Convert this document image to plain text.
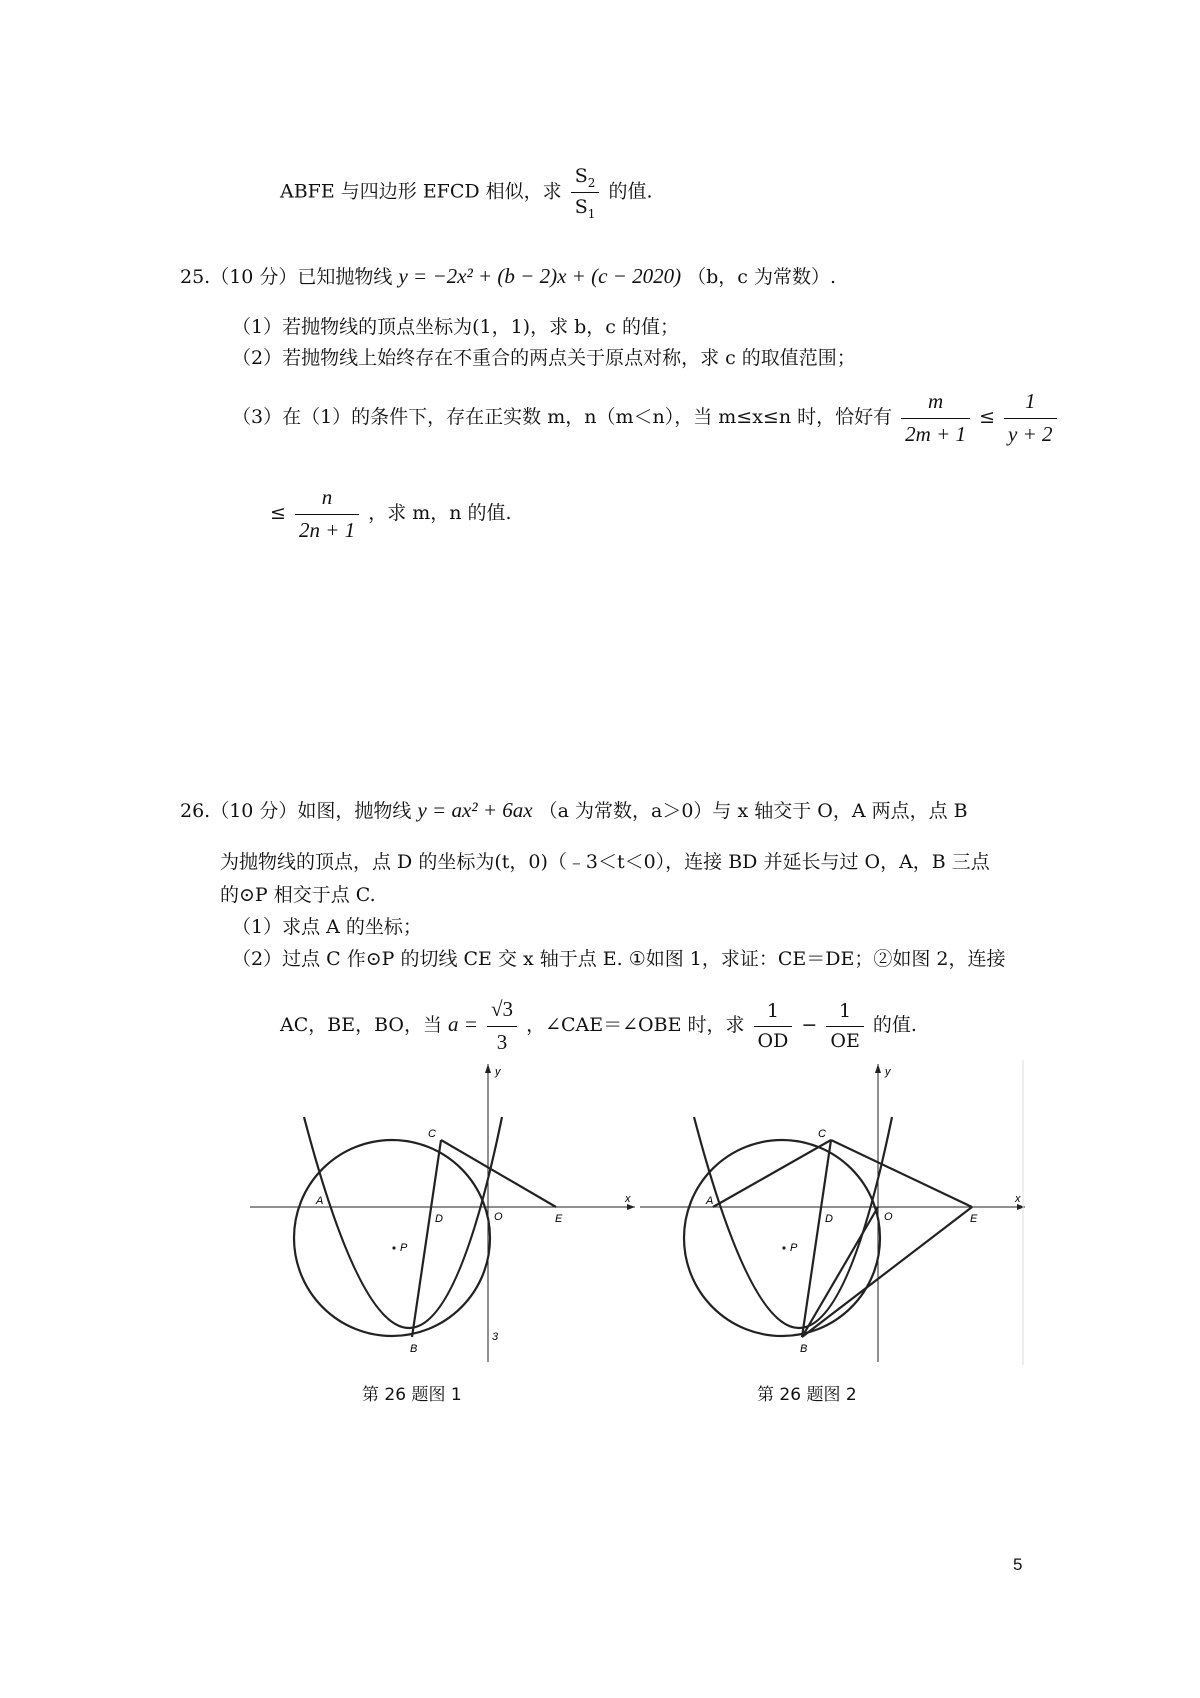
ABFE 与四边形 EFCD 相似，求 $\frac{S_2}{S_1}$ 的值.
25.（10 分）已知抛物线 y = −2x² + (b − 2)x + (c − 2020) （b，c 为常数）.
（1）若抛物线的顶点坐标为(1，1)，求 b，c 的值；
（2）若抛物线上始终存在不重合的两点关于原点对称，求 c 的取值范围；
（3）在（1）的条件下，存在正实数 m，n（m＜n），当 m≤x≤n 时，恰好有 $\frac{m}{2m + 1} \le \frac{1}{y + 2}$
≤ $\frac{n}{2n + 1}$ ，求 m，n 的值.
26.（10 分）如图，抛物线 y = ax² + 6ax （a 为常数，a＞0）与 x 轴交于 O，A 两点，点 B
为抛物线的顶点，点 D 的坐标为(t，0)（﹣3＜t＜0），连接 BD 并延长与过 O，A，B 三点
的⊙P 相交于点 C.
（1）求点 A 的坐标；
（2）过点 C 作⊙P 的切线 CE 交 x 轴于点 E. ①如图 1，求证：CE＝DE；②如图 2，连接
AC，BE，BO，当 $a = \frac{√3}{3}$ ，∠CAE＝∠OBE 时，求 $\frac{1}{OD} - \frac{1}{OE}$ 的值.
x
y
A
C
D	O	E
P
B
3
第 26 题图 1
x
y
A
C
D	O	E
P
B
第 26 题图 2
5
